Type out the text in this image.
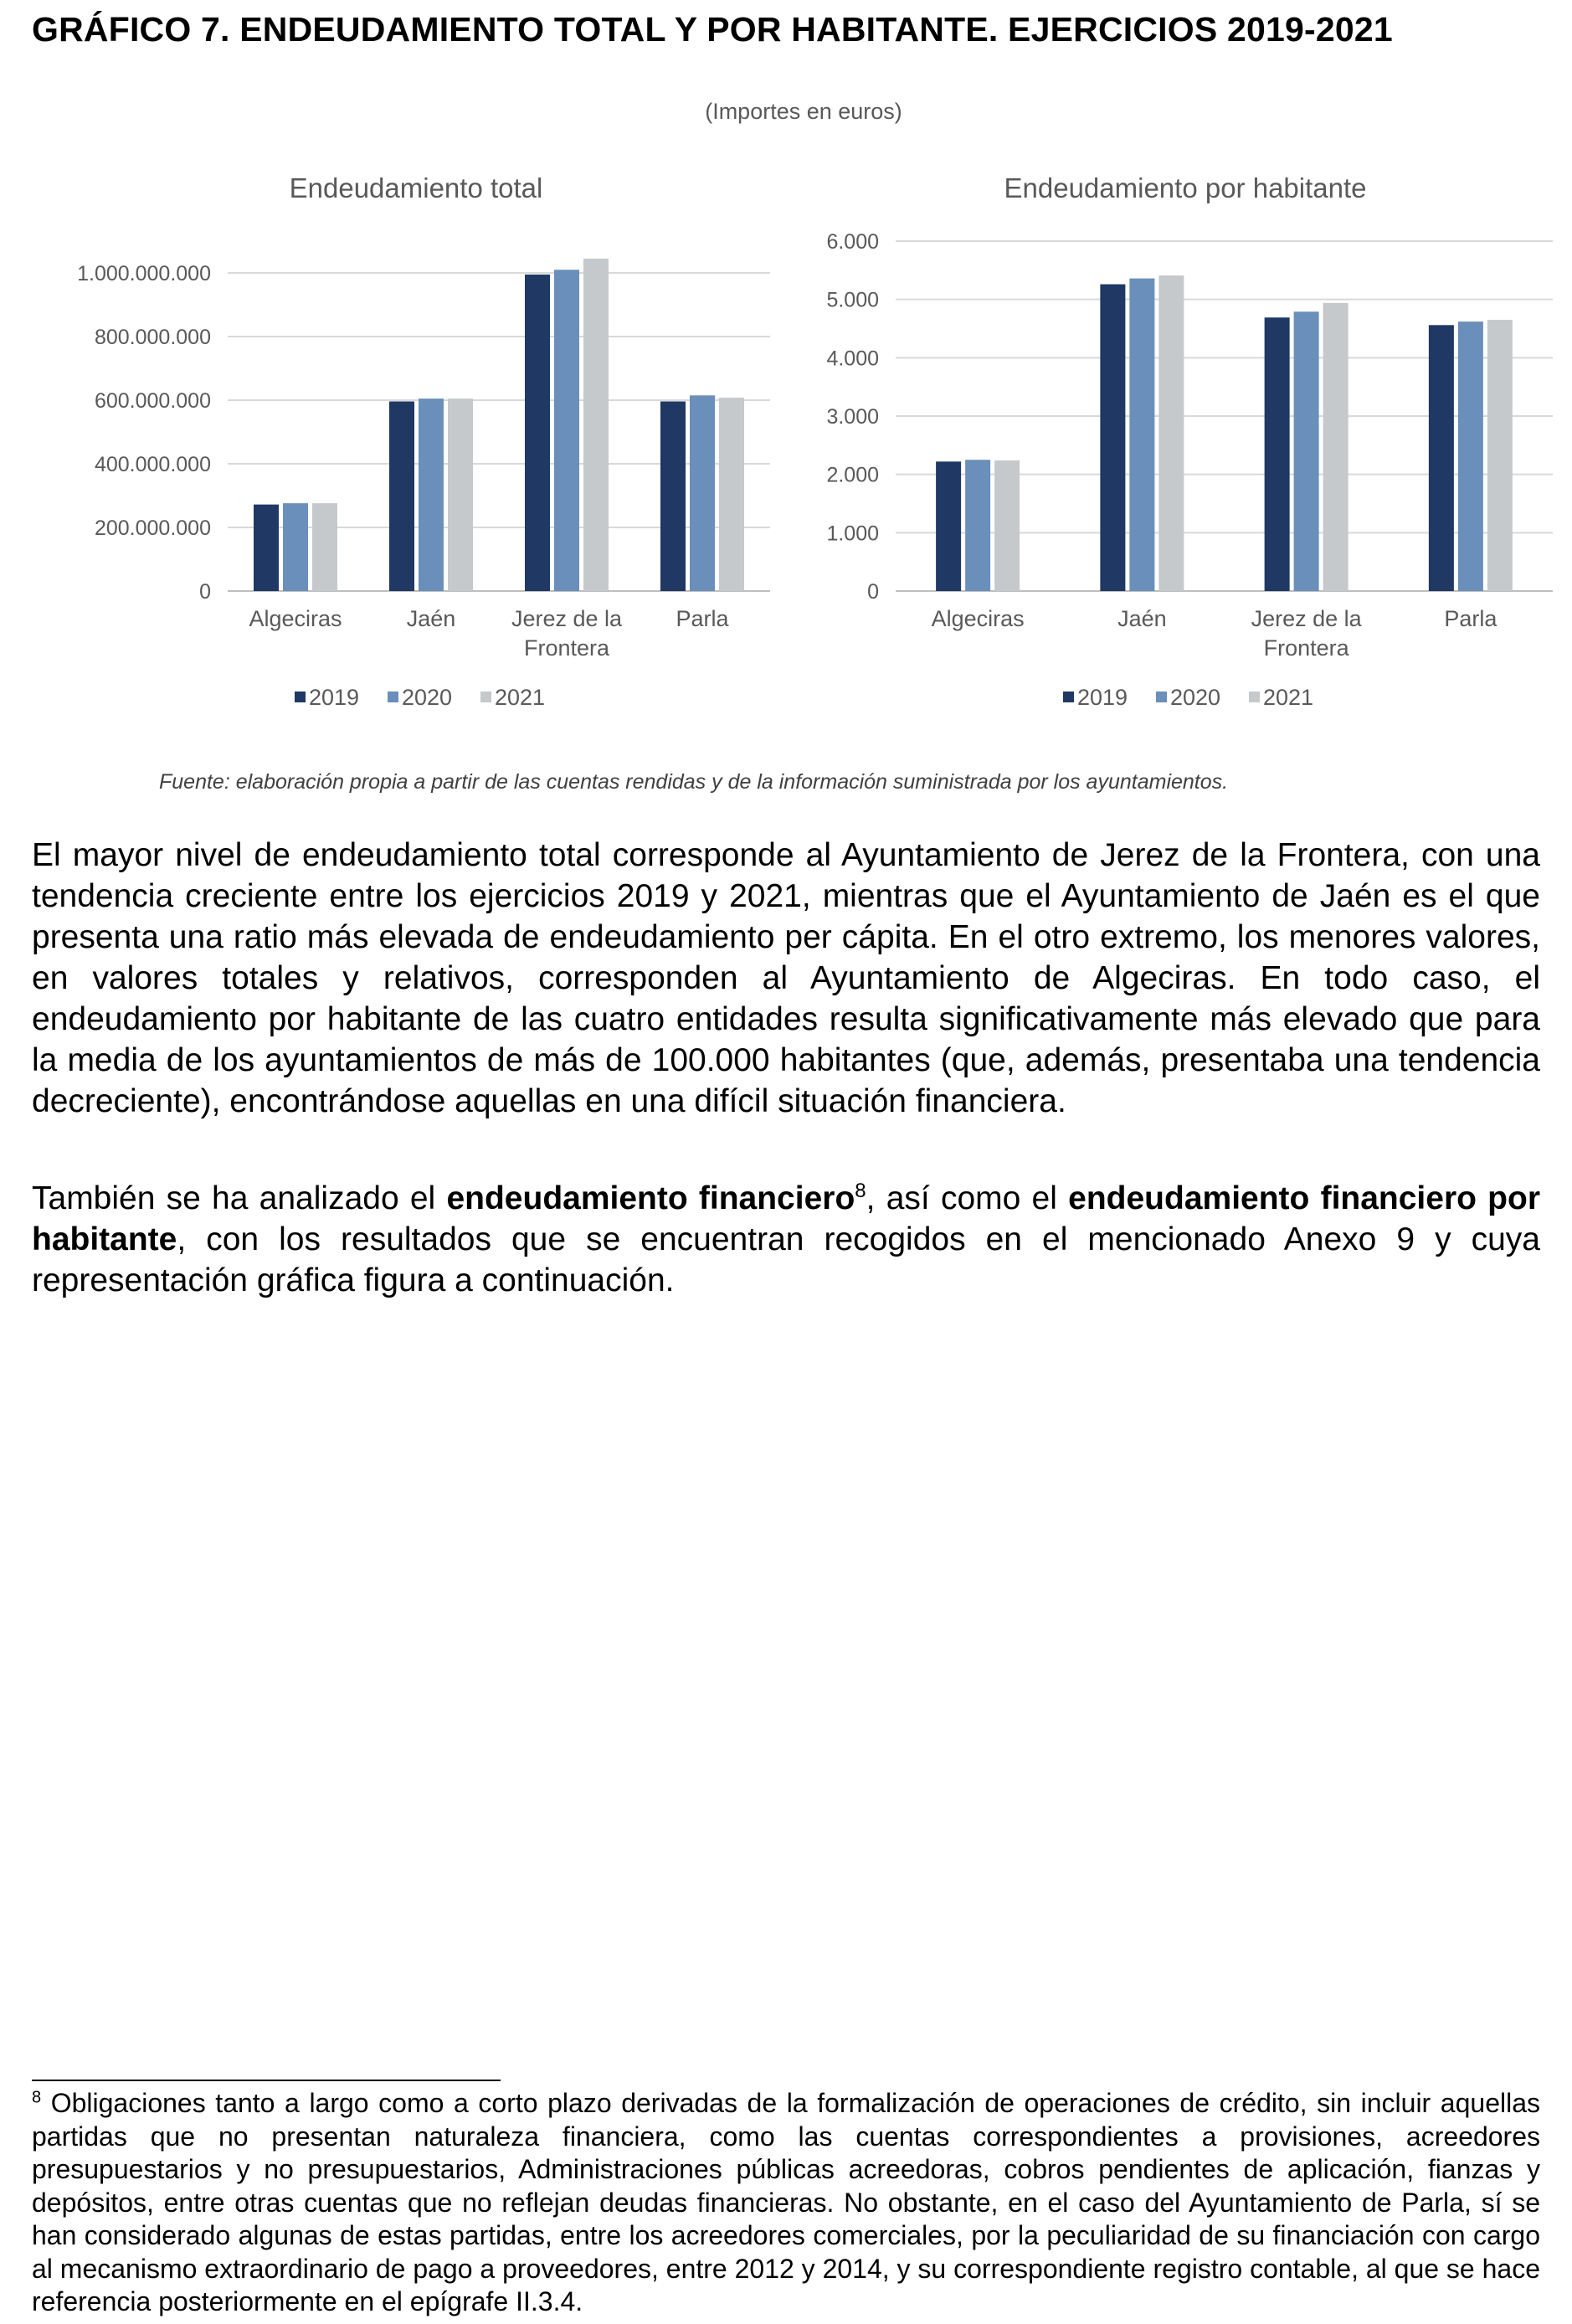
GRÁFICO 7. ENDEUDAMIENTO TOTAL Y POR HABITANTE. EJERCICIOS 2019-2021
(Importes en euros)
Endeudamiento total
0
200.000.000
400.000.000
600.000.000
800.000.000
1.000.000.000
Algeciras	Jaén Jerez de la
Frontera
Parla
2019 2020 2021
Endeudamiento por habitante
0
1.000
2.000
3.000
4.000
5.000
6.000
Algeciras	Jaén	Jerez de la
Frontera
Parla
2019 2020 2021
Fuente: elaboración propia a partir de las cuentas rendidas y de la información suministrada por los ayuntamientos.

El mayor nivel de endeudamiento total corresponde al Ayuntamiento de Jerez de la Frontera, con una tendencia creciente entre los ejercicios 2019 y 2021, mientras que el Ayuntamiento de Jaén es el que presenta una ratio más elevada de endeudamiento per cápita. En el otro extremo, los menores valores, en valores totales y relativos, corresponden al Ayuntamiento de Algeciras. En todo caso, el endeudamiento por habitante de las cuatro entidades resulta significativamente más elevado que para la media de los ayuntamientos de más de 100.000 habitantes (que, además, presentaba una tendencia decreciente), encontrándose aquellas en una difícil situación financiera.

También se ha analizado el endeudamiento financiero$^8$, así como el endeudamiento financiero por habitante, con los resultados que se encuentran recogidos en el mencionado Anexo 9 y cuya representación gráfica figura a continuación.

$^8$ Obligaciones tanto a largo como a corto plazo derivadas de la formalización de operaciones de crédito, sin incluir aquellas partidas que no presentan naturaleza financiera, como las cuentas correspondientes a provisiones, acreedores presupuestarios y no presupuestarios, Administraciones públicas acreedoras, cobros pendientes de aplicación, fianzas y depósitos, entre otras cuentas que no reflejan deudas financieras. No obstante, en el caso del Ayuntamiento de Parla, sí se han considerado algunas de estas partidas, entre los acreedores comerciales, por la peculiaridad de su financiación con cargo al mecanismo extraordinario de pago a proveedores, entre 2012 y 2014, y su correspondiente registro contable, al que se hace referencia posteriormente en el epígrafe II.3.4.
